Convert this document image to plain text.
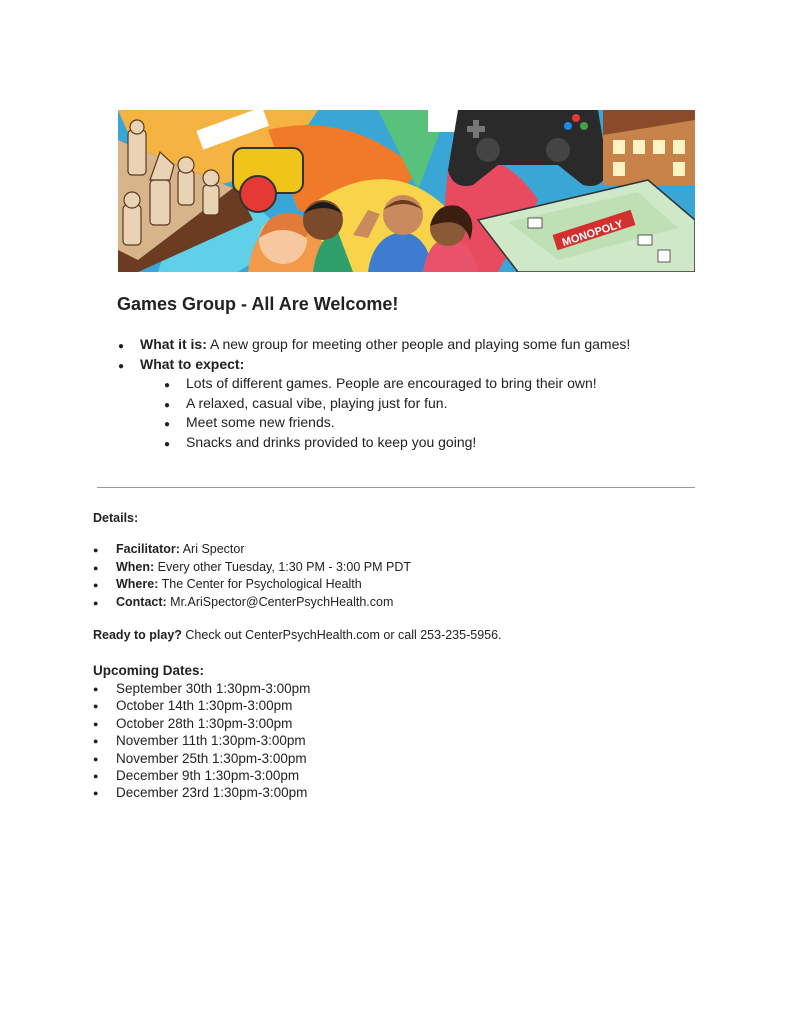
MONOPOLY
Games Group - All Are Welcome!
● What it is: A new group for meeting other people and playing some fun games!
● What to expect:
● Lots of different games. People are encouraged to bring their own!
● A relaxed, casual vibe, playing just for fun.
● Meet some new friends.
● Snacks and drinks provided to keep you going!
Details:
● Facilitator: Ari Spector
● When: Every other Tuesday, 1:30 PM - 3:00 PM PDT
● Where: The Center for Psychological Health
● Contact: Mr.AriSpector@CenterPsychHealth.com

Ready to play? Check out CenterPsychHealth.com or call 253-235-5956.

Upcoming Dates:
● September 30th 1:30pm-3:00pm
● October 14th 1:30pm-3:00pm
● October 28th 1:30pm-3:00pm
● November 11th 1:30pm-3:00pm
● November 25th 1:30pm-3:00pm
● December 9th 1:30pm-3:00pm
● December 23rd 1:30pm-3:00pm
